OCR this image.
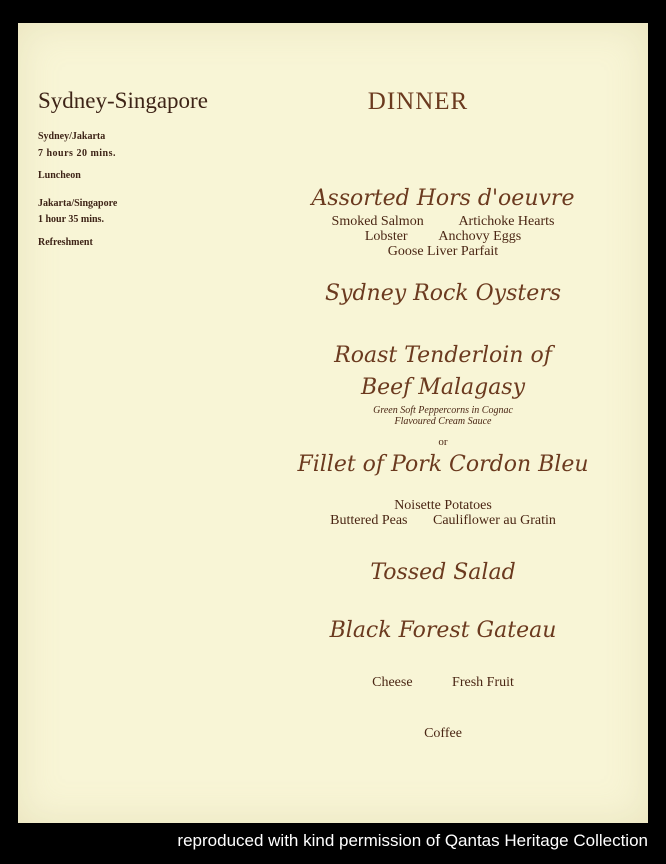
Sydney-Singapore
Sydney/Jakarta
7 hours 20 mins.
Luncheon
Jakarta/Singapore
1 hour 35 mins.
Refreshment
DINNER
Assorted Hors d'oeuvre
Smoked Salmon Artichoke Hearts
Lobster Anchovy Eggs
Goose Liver Parfait
Sydney Rock Oysters
Roast Tenderloin of
Beef Malagasy
Green Soft Peppercorns in Cognac
Flavoured Cream Sauce
or
Fillet of Pork Cordon Bleu
Noisette Potatoes
Buttered Peas Cauliflower au Gratin
Tossed Salad
Black Forest Gateau
Cheese	Fresh Fruit
Coffee
reproduced with kind permission of Qantas Heritage Collection
